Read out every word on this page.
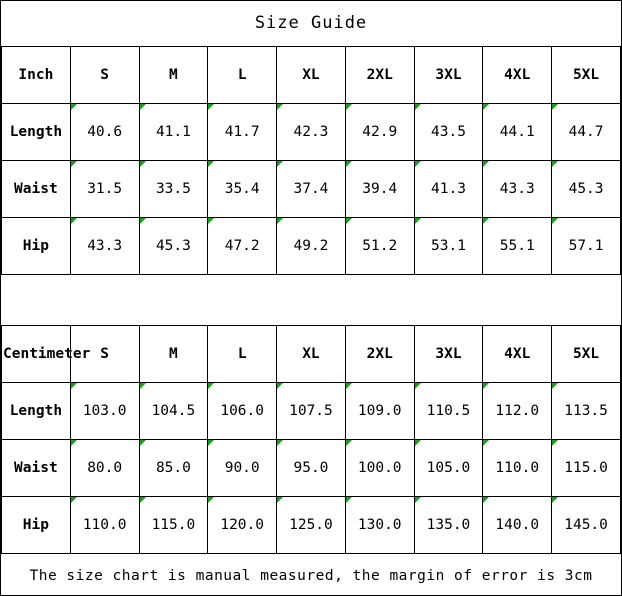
Size Guide
Inch	S	M	L	XL	2XL	3XL	4XL	5XL
Length	40.6	41.1	41.7	42.3	42.9	43.5	44.1	44.7
Waist	31.5	33.5	35.4	37.4	39.4	41.3	43.3	45.3
Hip	43.3	45.3	47.2	49.2	51.2	53.1	55.1	57.1
Centimeter	S	M	L	XL	2XL	3XL	4XL	5XL
Length	103.0	104.5	106.0	107.5	109.0	110.5	112.0	113.5
Waist	80.0	85.0	90.0	95.0	100.0	105.0	110.0	115.0
Hip	110.0	115.0	120.0	125.0	130.0	135.0	140.0	145.0
The size chart is manual measured, the margin of error is 3cm
